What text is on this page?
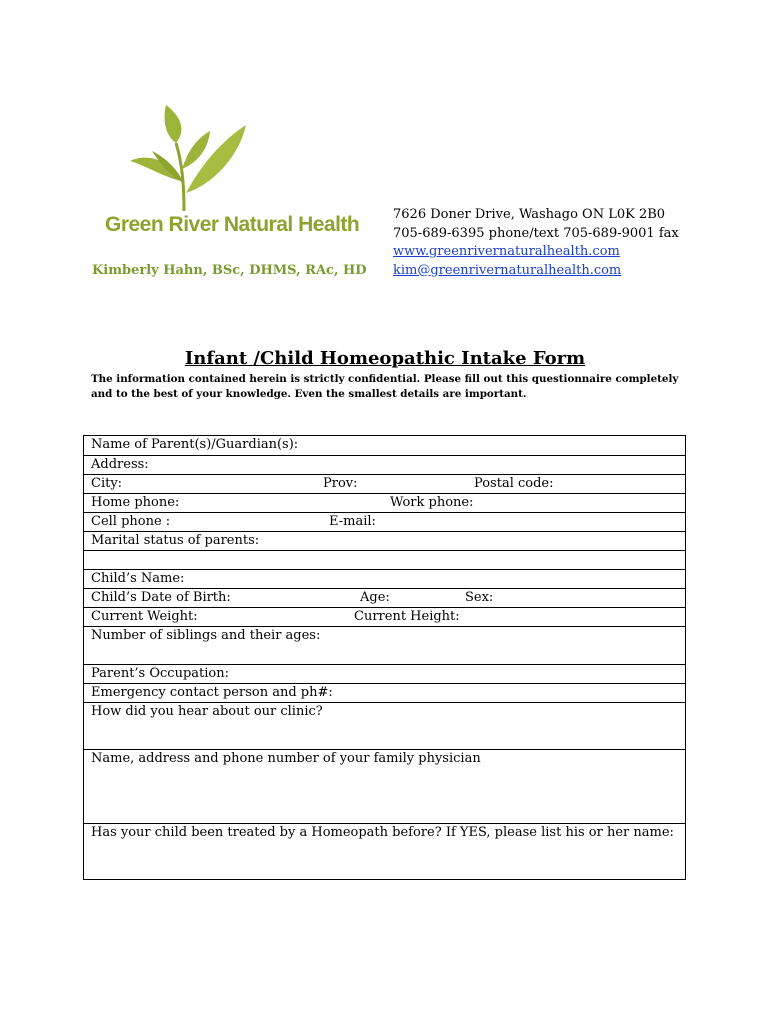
Green River Natural Health
Kimberly Hahn, BSc, DHMS, RAc, HD
7626 Doner Drive, Washago ON L0K 2B0
705-689-6395 phone/text 705-689-9001 fax
www.greenrivernaturalhealth.com
kim@greenrivernaturalhealth.com
Infant /Child Homeopathic Intake Form
The information contained herein is strictly confidential. Please fill out this questionnaire completely and to the best of your knowledge. Even the smallest details are important.
Name of Parent(s)/Guardian(s):
Address:
City:	Prov:	Postal code:
Home phone:	Work phone:
Cell phone :	E-mail:
Marital status of parents:
Child’s Name:
Child’s Date of Birth:	Age:	Sex:
Current Weight:	Current Height:
Number of siblings and their ages:
Parent’s Occupation:
Emergency contact person and ph#:
How did you hear about our clinic?
Name, address and phone number of your family physician
Has your child been treated by a Homeopath before? If YES, please list his or her name:
